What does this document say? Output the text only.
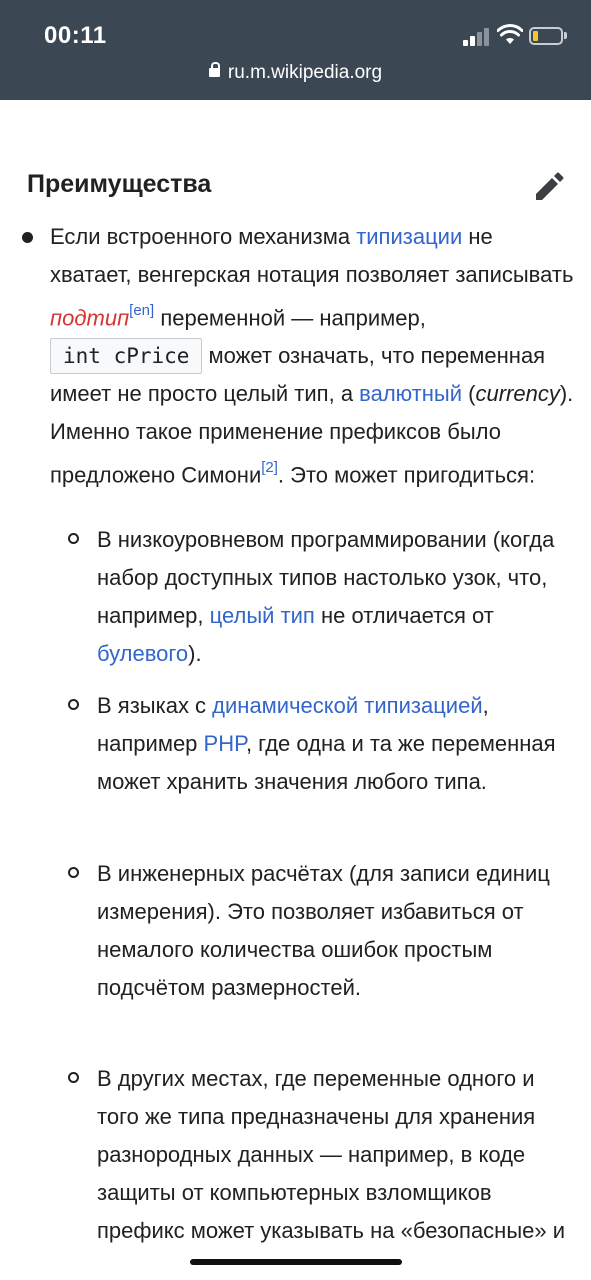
00:11
ru.m.wikipedia.org
Преимущества
Если встроенного механизма типизации не хватает, венгерская нотация позволяет записывать подтип[en] переменной — например, int cPrice может означать, что переменная имеет не просто целый тип, а валютный (currency). Именно такое применение префиксов было предложено Симони[2]. Это может пригодиться:
В низкоуровневом программировании (когда набор доступных типов настолько узок, что, например, целый тип не отличается от булевого).
В языках с динамической типизацией, например PHP, где одна и та же переменная может хранить значения любого типа.
В инженерных расчётах (для записи единиц измерения). Это позволяет избавиться от немалого количества ошибок простым подсчётом размерностей.
В других местах, где переменные одного и того же типа предназначены для хранения разнородных данных — например, в коде защиты от компьютерных взломщиков префикс может указывать на «безопасные» и
